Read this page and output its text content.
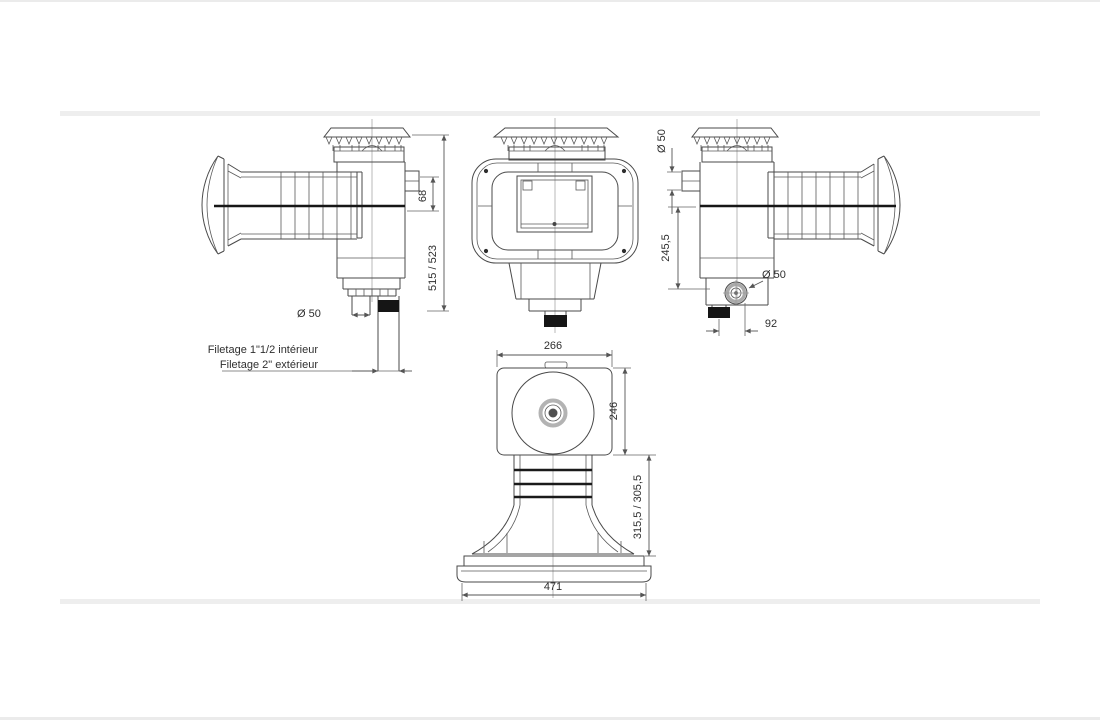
68
515 / 523
Ø 50
Filetage 1"1/2 intérieur
Filetage 2" extérieur
Ø 50
245,5
Ø 50
92
266
246
315,5 / 305,5
471
